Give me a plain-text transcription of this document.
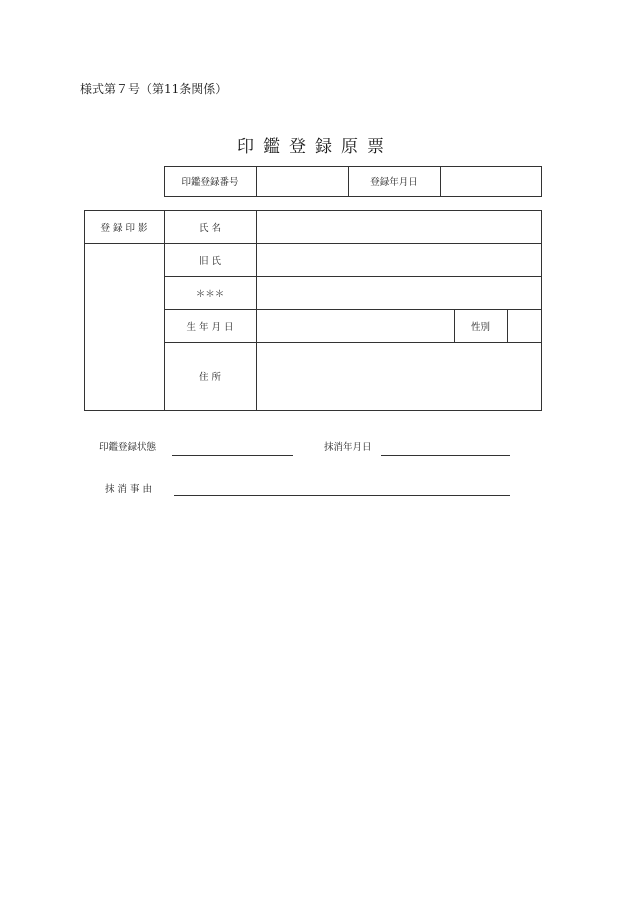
様式第７号（第11条関係）
印鑑登録原票
印鑑登録番号	登録年月日
登 録 印 影	氏 名
旧 氏
＊＊＊
生 年 月 日	性別
住 所
印鑑登録状態	抹消年月日
抹 消 事 由
